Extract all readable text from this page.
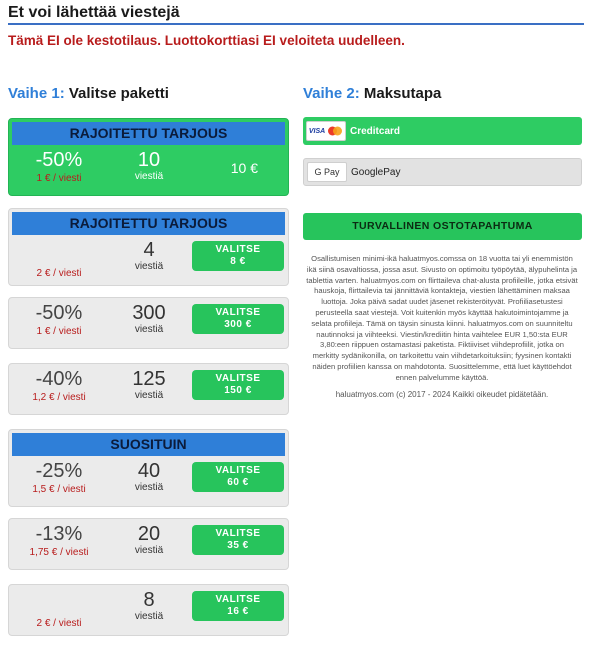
Et voi lähettää viestejä
Tämä EI ole kestotilaus. Luottokorttiasi EI veloiteta uudelleen.
Vaihe 1: Valitse paketti	Vaihe 2: Maksutapa
RAJOITETTU TARJOUS
-50%
1 € / viesti
10
viestiä
10 €
RAJOITETTU TARJOUS

2 € / viesti
4
viestiä
VALITSE
8 €
-50%
1 € / viesti
300
viestiä
VALITSE
300 €
-40%
1,2 € / viesti
125
viestiä
VALITSE
150 €
SUOSITUIN
-25%
1,5 € / viesti
40
viestiä
VALITSE
60 €
-13%
1,75 € / viesti
20
viestiä
VALITSE
35 €

2 € / viesti
8
viestiä
VALITSE
16 €
VISA Creditcard
G Pay GooglePay
TURVALLINEN OSTOTAPAHTUMA
Osallistumisen minimi-ikä haluatmyos.comssa on 18 vuotta tai yli enemmistön ikä siinä osavaltiossa, jossa asut. Sivusto on optimoitu työpöytää, älypuhelinta ja tablettia varten. haluatmyos.com on flirttaileva chat-alusta profiileille, jotka etsivät hauskoja, flirttailevia tai jännittäviä kontakteja, viestien lähettäminen maksaa luottoja. Joka päivä sadat uudet jäsenet rekisteröityvät. Profiiliasetustesi perusteella saat viestejä. Voit kuitenkin myös käyttää hakutoimintojamme ja selata profiileja. Tämä on täysin sinusta kiinni. haluatmyos.com on suunniteltu nautinnoksi ja viihteeksi. Viestin/krediitin hinta vaihtelee EUR 1,50:sta EUR 3,80:een riippuen ostamastasi paketista. Fiktiiviset viihdeprofiilit, jotka on merkitty sydänikonilla, on tarkoitettu vain viihdetarkoituksiin; fyysinen kontakti näiden profiilien kanssa on mahdotonta. Suosittelemme, että luet käyttöehdot ennen palvelumme käyttöä.
haluatmyos.com (c) 2017 - 2024 Kaikki oikeudet pidätetään.
